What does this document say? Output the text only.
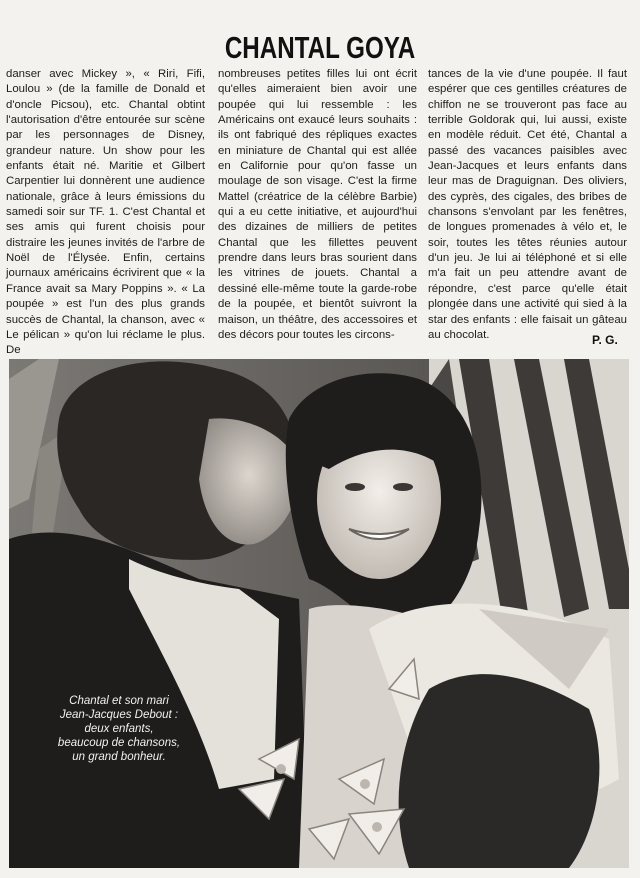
CHANTAL GOYA

danser avec Mickey », « Riri, Fifi, Loulou » (de la famille de Donald et d'oncle Picsou), etc. Chantal obtint l'autorisation d'être entourée sur scène par les personnages de Disney, grandeur nature. Un show pour les enfants était né. Maritie et Gilbert Carpentier lui donnèrent une audience nationale, grâce à leurs émissions du samedi soir sur TF. 1. C'est Chantal et ses amis qui furent choisis pour distraire les jeunes invités de l'arbre de Noël de l'Élysée. Enfin, certains journaux américains écrivirent que « la France avait sa Mary Poppins ». « La poupée » est l'un des plus grands succès de Chantal, la chanson, avec « Le pélican » qu'on lui réclame le plus. De

nombreuses petites filles lui ont écrit qu'elles aimeraient bien avoir une poupée qui lui ressemble : les Américains ont exaucé leurs souhaits : ils ont fabriqué des répliques exactes en miniature de Chantal qui est allée en Californie pour qu'on fasse un moulage de son visage. C'est la firme Mattel (créatrice de la célèbre Barbie) qui a eu cette initiative, et aujourd'hui des dizaines de milliers de petites Chantal que les fillettes peuvent prendre dans leurs bras sourient dans les vitrines de jouets. Chantal a dessiné elle-même toute la garde-robe de la poupée, et bientôt suivront la maison, un théâtre, des accessoires et des décors pour toutes les circons-

tances de la vie d'une poupée. Il faut espérer que ces gentilles créatures de chiffon ne se trouveront pas face au terrible Goldorak qui, lui aussi, existe en modèle réduit. Cet été, Chantal a passé des vacances paisibles avec Jean-Jacques et leurs enfants dans leur mas de Draguignan. Des oliviers, des cyprès, des cigales, des bribes de chansons s'envolant par les fenêtres, de longues promenades à vélo et, le soir, toutes les têtes réunies autour d'un jeu. Je lui ai téléphoné et si elle m'a fait un peu attendre avant de répondre, c'est parce qu'elle était plongée dans une activité qui sied à la star des enfants : elle faisait un gâteau au chocolat.	P. G.
Chantal et son mari
Jean-Jacques Debout :
deux enfants,
beaucoup de chansons,
un grand bonheur.
